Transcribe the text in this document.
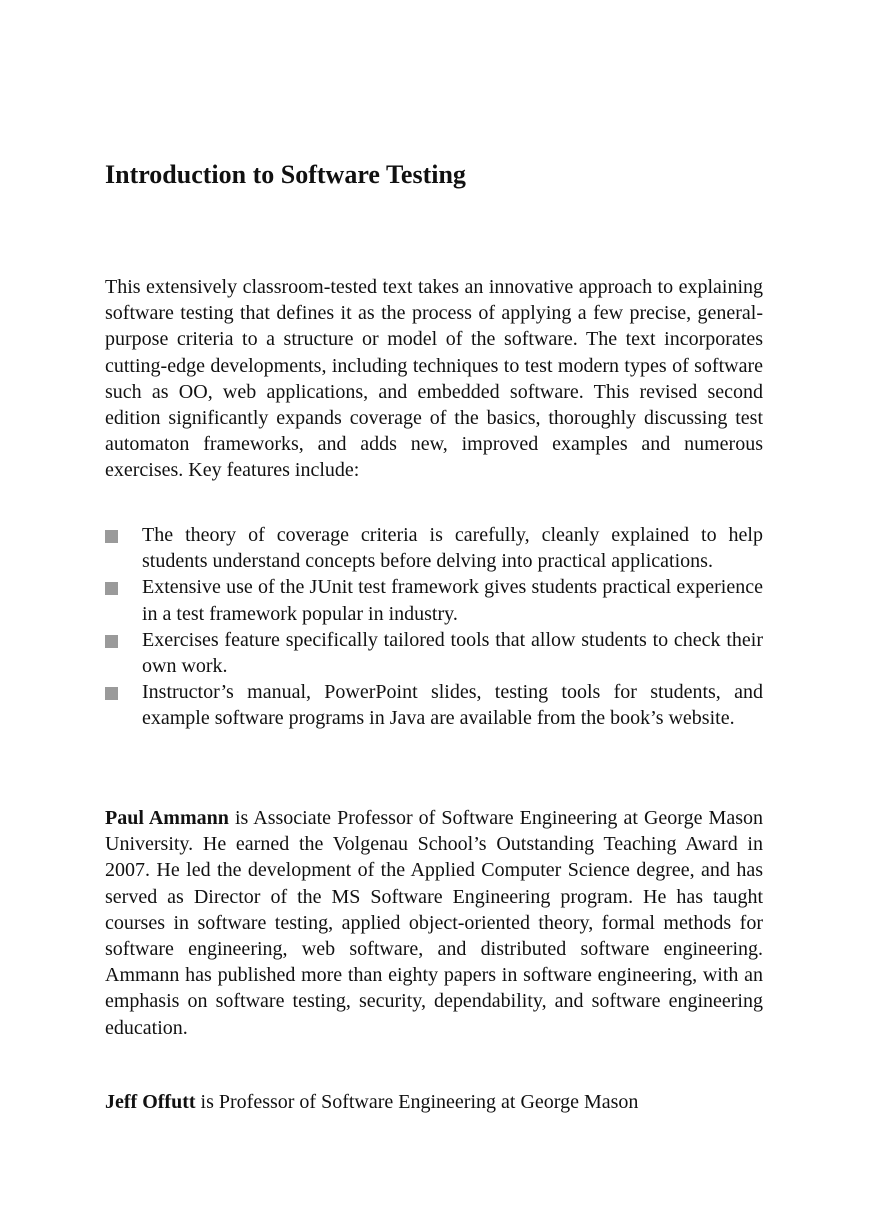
Introduction to Software Testing

This extensively classroom-tested text takes an innovative approach to explaining software testing that defines it as the process of applying a few precise, general-purpose criteria to a structure or model of the software. The text incorporates cutting-edge developments, including techniques to test modern types of software such as OO, web applications, and embedded software. This revised second edition significantly expands coverage of the basics, thoroughly discussing test automaton frameworks, and adds new, improved examples and numerous exercises. Key features include:

The theory of coverage criteria is carefully, cleanly explained to help students understand concepts before delving into practical applications.
Extensive use of the JUnit test framework gives students practical experience in a test framework popular in industry.
Exercises feature specifically tailored tools that allow students to check their own work.
Instructor’s manual, PowerPoint slides, testing tools for students, and example software programs in Java are available from the book’s website.

Paul Ammann is Associate Professor of Software Engineering at George Mason University. He earned the Volgenau School’s Outstanding Teaching Award in 2007. He led the development of the Applied Computer Science degree, and has served as Director of the MS Software Engineering program. He has taught courses in software testing, applied object-oriented theory, formal methods for software engineering, web software, and distributed software engineering. Ammann has published more than eighty papers in software engineering, with an emphasis on software testing, security, dependability, and software engineering education.

Jeff Offutt is Professor of Software Engineering at George Mason
